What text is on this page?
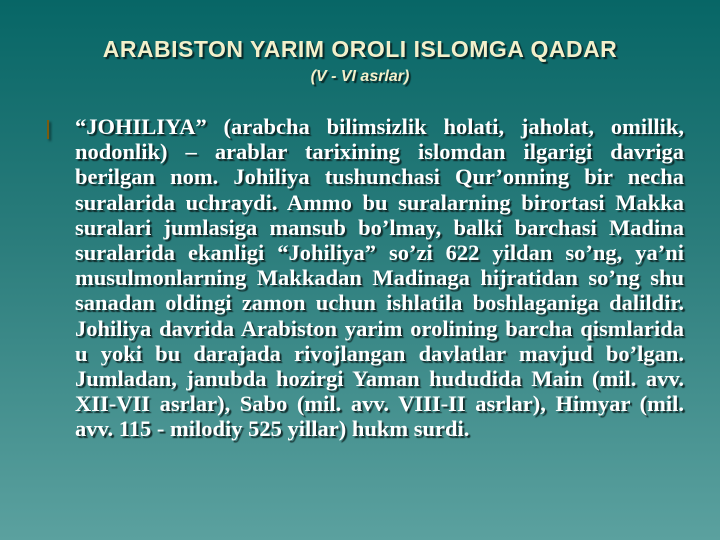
ARABISTON YARIM OROLI ISLOMGA QADAR
(V - VI asrlar)

“JOHILIYA” (arabcha bilimsizlik holati, jaholat, omillik, nodonlik) – arablar tarixining islomdan ilgarigi davriga berilgan nom. Johiliya tushunchasi Qur’onning bir necha suralarida uchraydi. Ammo bu suralarning birortasi Makka suralari jumlasiga mansub bo’lmay, balki barchasi Madina suralarida ekanligi “Johiliya” so’zi 622 yildan so’ng, ya’ni musulmonlarning Makkadan Madinaga hijratidan so’ng shu sanadan oldingi zamon uchun ishlatila boshlaganiga dalildir. Johiliya davrida Arabiston yarim orolining barcha qismlarida u yoki bu darajada rivojlangan davlatlar mavjud bo’lgan. Jumladan, janubda hozirgi Yaman hududida Main (mil. avv. XII-VII asrlar), Sabo (mil. avv. VIII-II asrlar), Himyar (mil. avv. 115 - milodiy 525 yillar) hukm surdi.
